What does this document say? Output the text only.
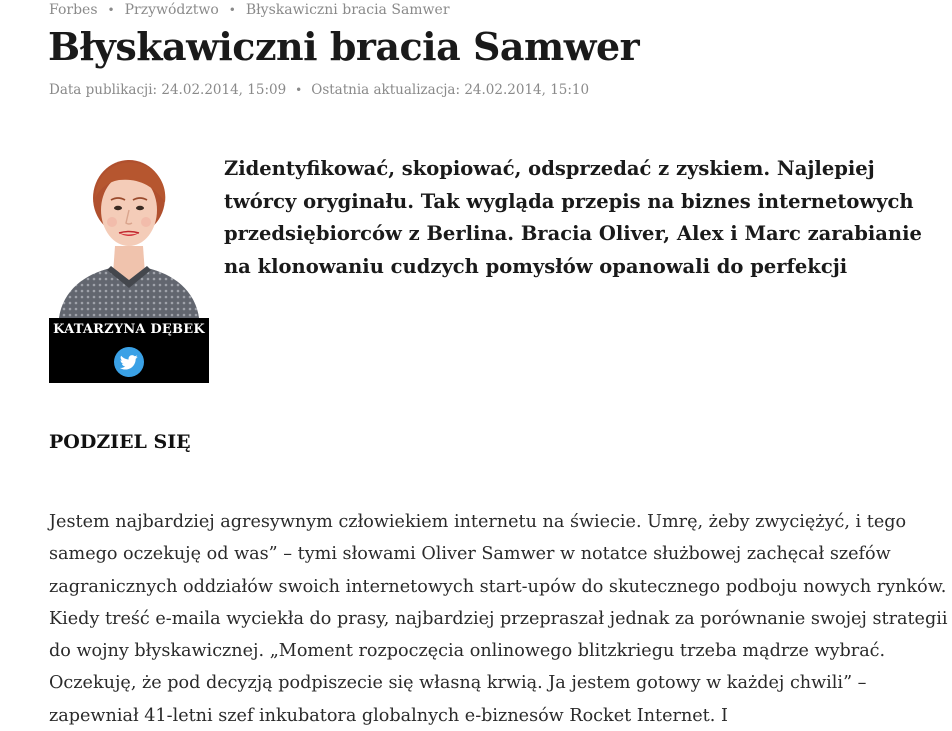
Forbes • Przywództwo • Błyskawiczni bracia Samwer
Błyskawiczni bracia Samwer
Data publikacji: 24.02.2014, 15:09 • Ostatnia aktualizacja: 24.02.2014, 15:10
KATARZYNA DĘBEK

Zidentyfikować, skopiować, odsprzedać z zyskiem. Najlepiej twórcy oryginału. Tak wygląda przepis na biznes internetowych przedsiębiorców z Berlina. Bracia Oliver, Alex i Marc zarabianie na klonowaniu cudzych pomysłów opanowali do perfekcji

PODZIEL SIĘ

Jestem najbardziej agresywnym człowiekiem internetu na świecie. Umrę, żeby zwyciężyć, i tego samego oczekuję od was” – tymi słowami Oliver Samwer w notatce służbowej zachęcał szefów zagranicznych oddziałów swoich internetowych start-upów do skutecznego podboju nowych rynków. Kiedy treść e-maila wyciekła do prasy, najbardziej przepraszał jednak za porównanie swojej strategii do wojny błyskawicznej. „Moment rozpoczęcia onlinowego blitzkriegu trzeba mądrze wybrać. Oczekuję, że pod decyzją podpiszecie się własną krwią. Ja jestem gotowy w każdej chwili” – zapewniał 41-letni szef inkubatora globalnych e-biznesów Rocket Internet. I
